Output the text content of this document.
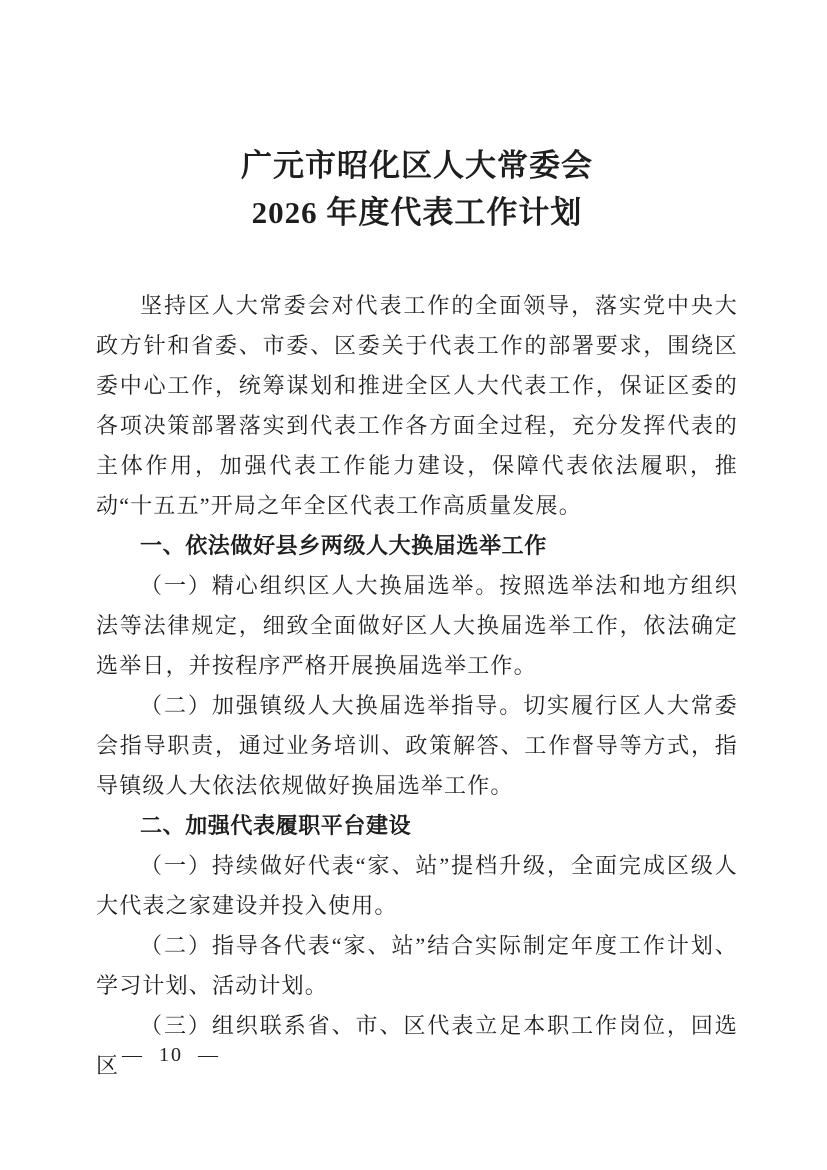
广元市昭化区人大常委会
2026 年度代表工作计划

坚持区人大常委会对代表工作的全面领导，落实党中央大政方针和省委、市委、区委关于代表工作的部署要求，围绕区委中心工作，统筹谋划和推进全区人大代表工作，保证区委的各项决策部署落实到代表工作各方面全过程，充分发挥代表的主体作用，加强代表工作能力建设，保障代表依法履职，推动“十五五”开局之年全区代表工作高质量发展。

一、依法做好县乡两级人大换届选举工作

（一）精心组织区人大换届选举。按照选举法和地方组织法等法律规定，细致全面做好区人大换届选举工作，依法确定选举日，并按程序严格开展换届选举工作。

（二）加强镇级人大换届选举指导。切实履行区人大常委会指导职责，通过业务培训、政策解答、工作督导等方式，指导镇级人大依法依规做好换届选举工作。

二、加强代表履职平台建设

（一）持续做好代表“家、站”提档升级，全面完成区级人大代表之家建设并投入使用。

（二）指导各代表“家、站”结合实际制定年度工作计划、学习计划、活动计划。

（三）组织联系省、市、区代表立足本职工作岗位，回选区 — 10 —
